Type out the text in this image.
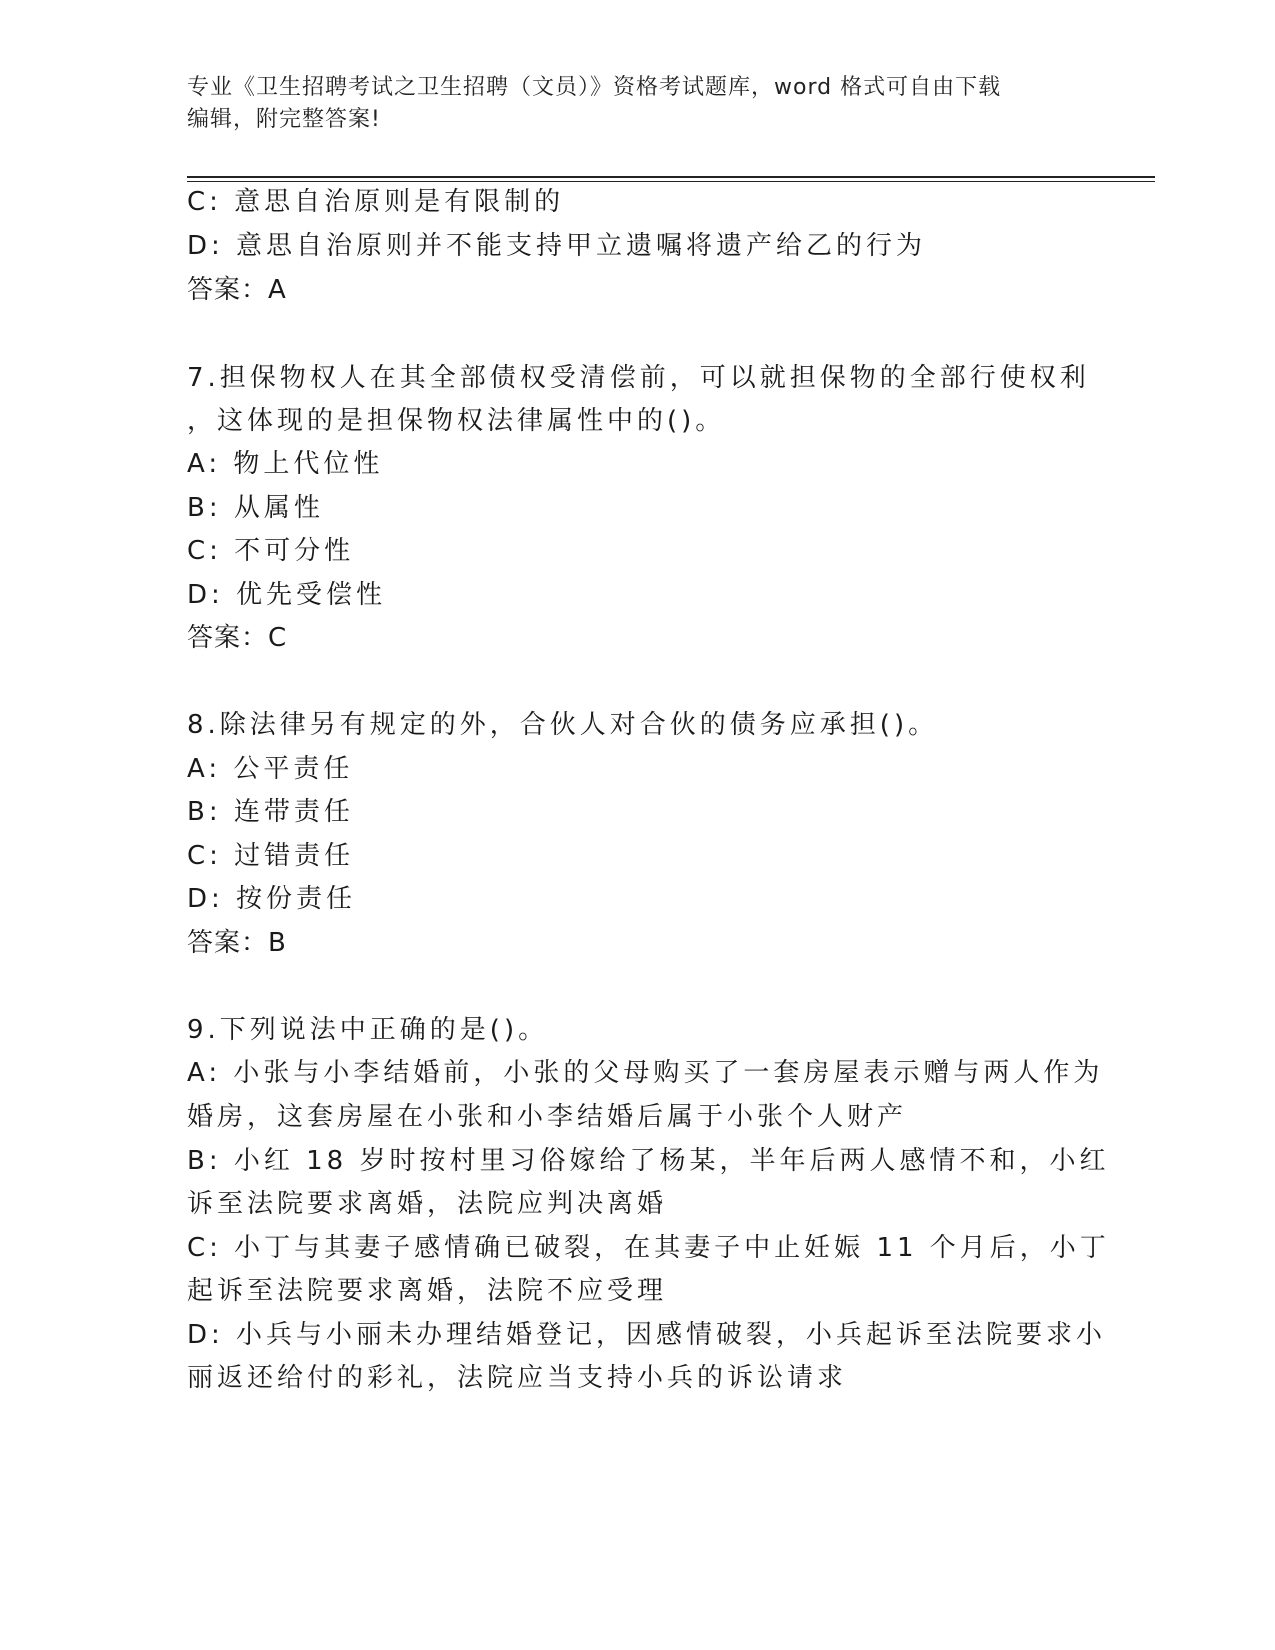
专业《卫生招聘考试之卫生招聘（文员）》资格考试题库，word 格式可自由下载
编辑，附完整答案!
C: 意思自治原则是有限制的
D: 意思自治原则并不能支持甲立遗嘱将遗产给乙的行为
答案：A
7.担保物权人在其全部债权受清偿前，可以就担保物的全部行使权利
，这体现的是担保物权法律属性中的()。
A: 物上代位性
B: 从属性
C: 不可分性
D: 优先受偿性
答案：C
8.除法律另有规定的外，合伙人对合伙的债务应承担()。
A: 公平责任
B: 连带责任
C: 过错责任
D: 按份责任
答案：B
9.下列说法中正确的是()。
A: 小张与小李结婚前，小张的父母购买了一套房屋表示赠与两人作为
婚房，这套房屋在小张和小李结婚后属于小张个人财产
B: 小红 18 岁时按村里习俗嫁给了杨某，半年后两人感情不和，小红
诉至法院要求离婚，法院应判决离婚
C: 小丁与其妻子感情确已破裂，在其妻子中止妊娠 11 个月后，小丁
起诉至法院要求离婚，法院不应受理
D: 小兵与小丽未办理结婚登记，因感情破裂，小兵起诉至法院要求小
丽返还给付的彩礼，法院应当支持小兵的诉讼请求
